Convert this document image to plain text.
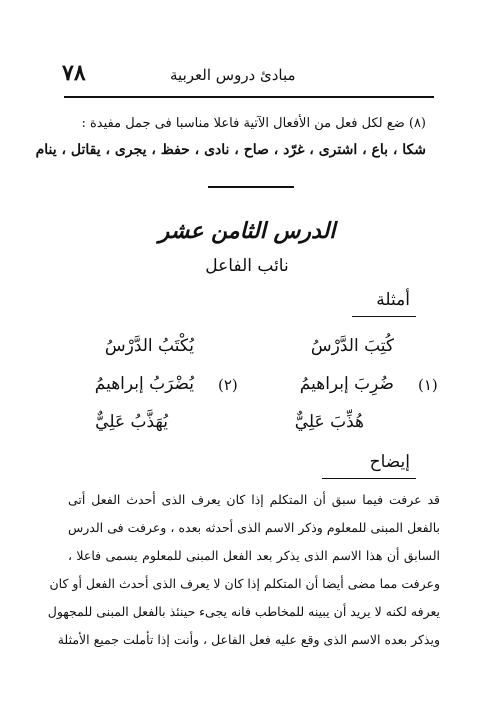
٧٨	مبادئ دروس العربية
(٨) ضع لكل فعل من الأفعال الآتية فاعلا مناسبا فى جمل مفيدة :
شكا ، باع ، اشترى ، غرّد ، صاح ، نادى ، حفظ ، يجرى ، يقاتل ، ينام
الدرس الثامن عشر
نائب الفاعل
أمثلة
(١)
كُتِبَ الدَّرْسُ
ضُرِبَ إبراهيمُ
هُذِّبَ عَلِيٌّ
(٢)
يُكْتَبُ الدَّرْسُ
يُضْرَبُ إبراهيمُ
يُهَذَّبُ عَلِيٌّ
إيضاح
قد عرفت فيما سبق أن المتكلم إذا كان يعرف الذى أحدث الفعل أتى
بالفعل المبنى للمعلوم وذكر الاسم الذى أحدثه بعده ، وعرفت فى الدرس
السابق أن هذا الاسم الذى يذكر بعد الفعل المبنى للمعلوم يسمى فاعلا ،
وعرفت مما مضى أيضا أن المتكلم إذا كان لا يعرف الذى أحدث الفعل أو كان
يعرفه لكنه لا يريد أن يبينه للمخاطب فانه يجىء حينئذ بالفعل المبنى للمجهول
ويذكر بعده الاسم الذى وقع عليه فعل الفاعل ، وأنت إذا تأملت جميع الأمثلة
